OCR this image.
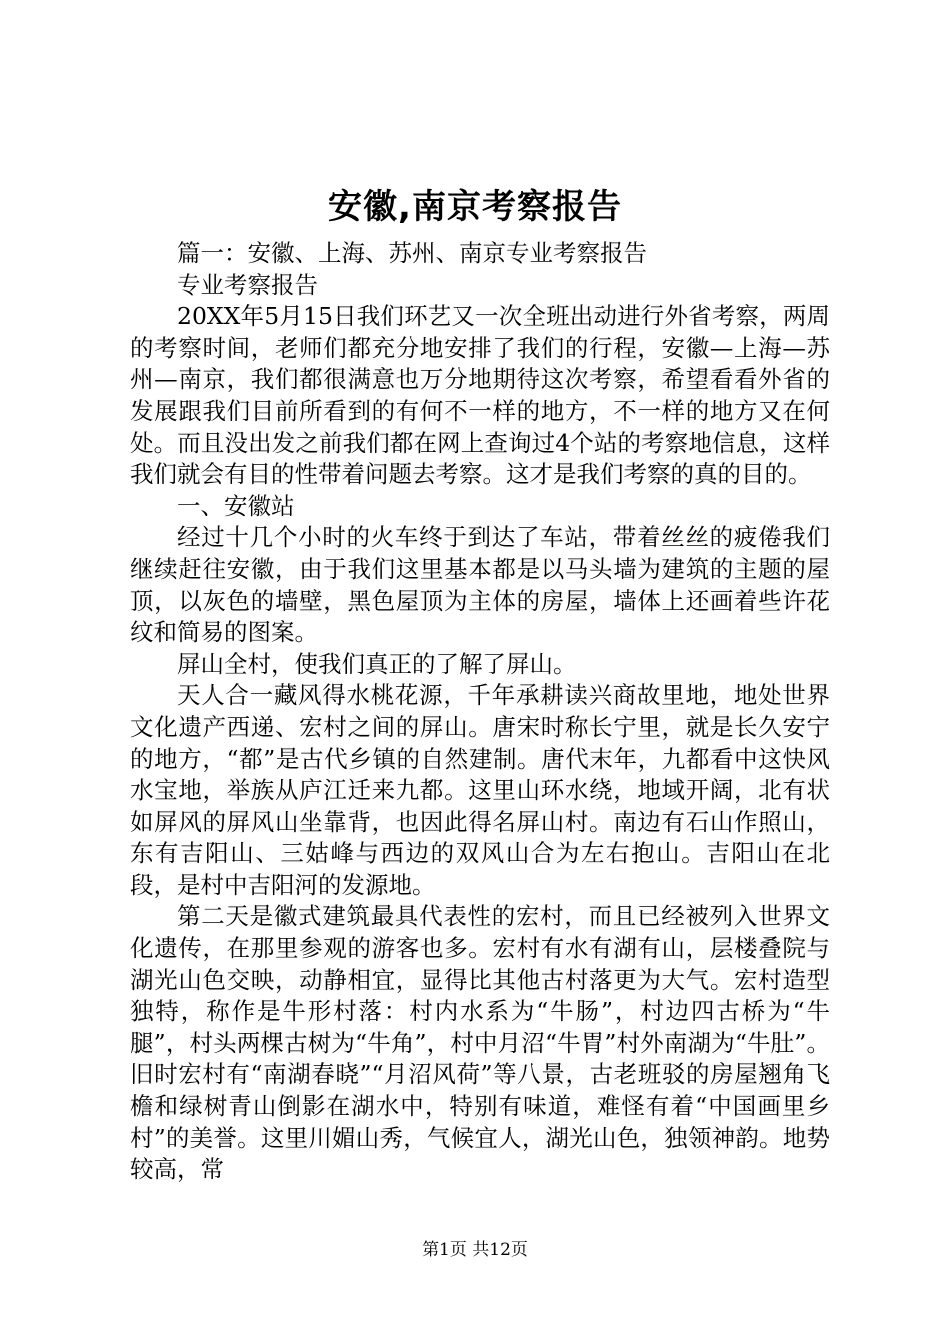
安徽,南京考察报告

篇一：安徽、上海、苏州、南京专业考察报告

专业考察报告

20XX年5月15日我们环艺又一次全班出动进行外省考察，两周的考察时间，老师们都充分地安排了我们的行程，安徽—上海—苏州—南京，我们都很满意也万分地期待这次考察，希望看看外省的发展跟我们目前所看到的有何不一样的地方，不一样的地方又在何处。而且没出发之前我们都在网上查询过4个站的考察地信息，这样我们就会有目的性带着问题去考察。这才是我们考察的真的目的。

一、安徽站

经过十几个小时的火车终于到达了车站，带着丝丝的疲倦我们继续赶往安徽，由于我们这里基本都是以马头墙为建筑的主题的屋顶，以灰色的墙壁，黑色屋顶为主体的房屋，墙体上还画着些许花纹和简易的图案。

屏山全村，使我们真正的了解了屏山。

天人合一藏风得水桃花源，千年承耕读兴商故里地，地处世界文化遗产西递、宏村之间的屏山。唐宋时称长宁里，就是长久安宁的地方，“都”是古代乡镇的自然建制。唐代末年，九都看中这快风水宝地，举族从庐江迁来九都。这里山环水绕，地域开阔，北有状如屏风的屏风山坐靠背，也因此得名屏山村。南边有石山作照山，东有吉阳山、三姑峰与西边的双风山合为左右抱山。吉阳山在北段，是村中吉阳河的发源地。

第二天是徽式建筑最具代表性的宏村，而且已经被列入世界文化遗传，在那里参观的游客也多。宏村有水有湖有山，层楼叠院与湖光山色交映，动静相宜，显得比其他古村落更为大气。宏村造型独特，称作是牛形村落：村内水系为“牛肠”，村边四古桥为“牛腿”，村头两棵古树为“牛角”，村中月沼“牛胃”村外南湖为“牛肚”。旧时宏村有“南湖春晓”“月沼风荷”等八景，古老班驳的房屋翘角飞檐和绿树青山倒影在湖水中，特别有味道，难怪有着“中国画里乡村”的美誉。这里川媚山秀，气候宜人，湖光山色，独领神韵。地势较高，常

第1页 共12页
